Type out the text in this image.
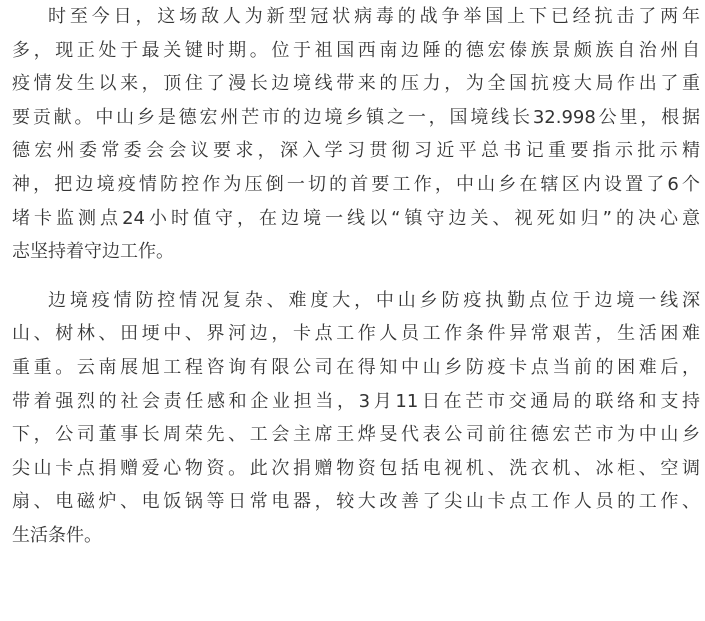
时至今日，这场敌人为新型冠状病毒的战争举国上下已经抗击了两年
多，现正处于最关键时期。位于祖国西南边陲的德宏傣族景颇族自治州自
疫情发生以来，顶住了漫长边境线带来的压力，为全国抗疫大局作出了重
要贡献。中山乡是德宏州芒市的边境乡镇之一，国境线长32.998公里，根据
德宏州委常委会会议要求，深入学习贯彻习近平总书记重要指示批示精
神，把边境疫情防控作为压倒一切的首要工作，中山乡在辖区内设置了6个
堵卡监测点24小时值守，在边境一线以“镇守边关、视死如归”的决心意
志坚持着守边工作。
边境疫情防控情况复杂、难度大，中山乡防疫执勤点位于边境一线深
山、树林、田埂中、界河边，卡点工作人员工作条件异常艰苦，生活困难
重重。云南展旭工程咨询有限公司在得知中山乡防疫卡点当前的困难后，
带着强烈的社会责任感和企业担当，3月11日在芒市交通局的联络和支持
下，公司董事长周荣先、工会主席王烨旻代表公司前往德宏芒市为中山乡
尖山卡点捐赠爱心物资。此次捐赠物资包括电视机、洗衣机、冰柜、空调
扇、电磁炉、电饭锅等日常电器，较大改善了尖山卡点工作人员的工作、
生活条件。
